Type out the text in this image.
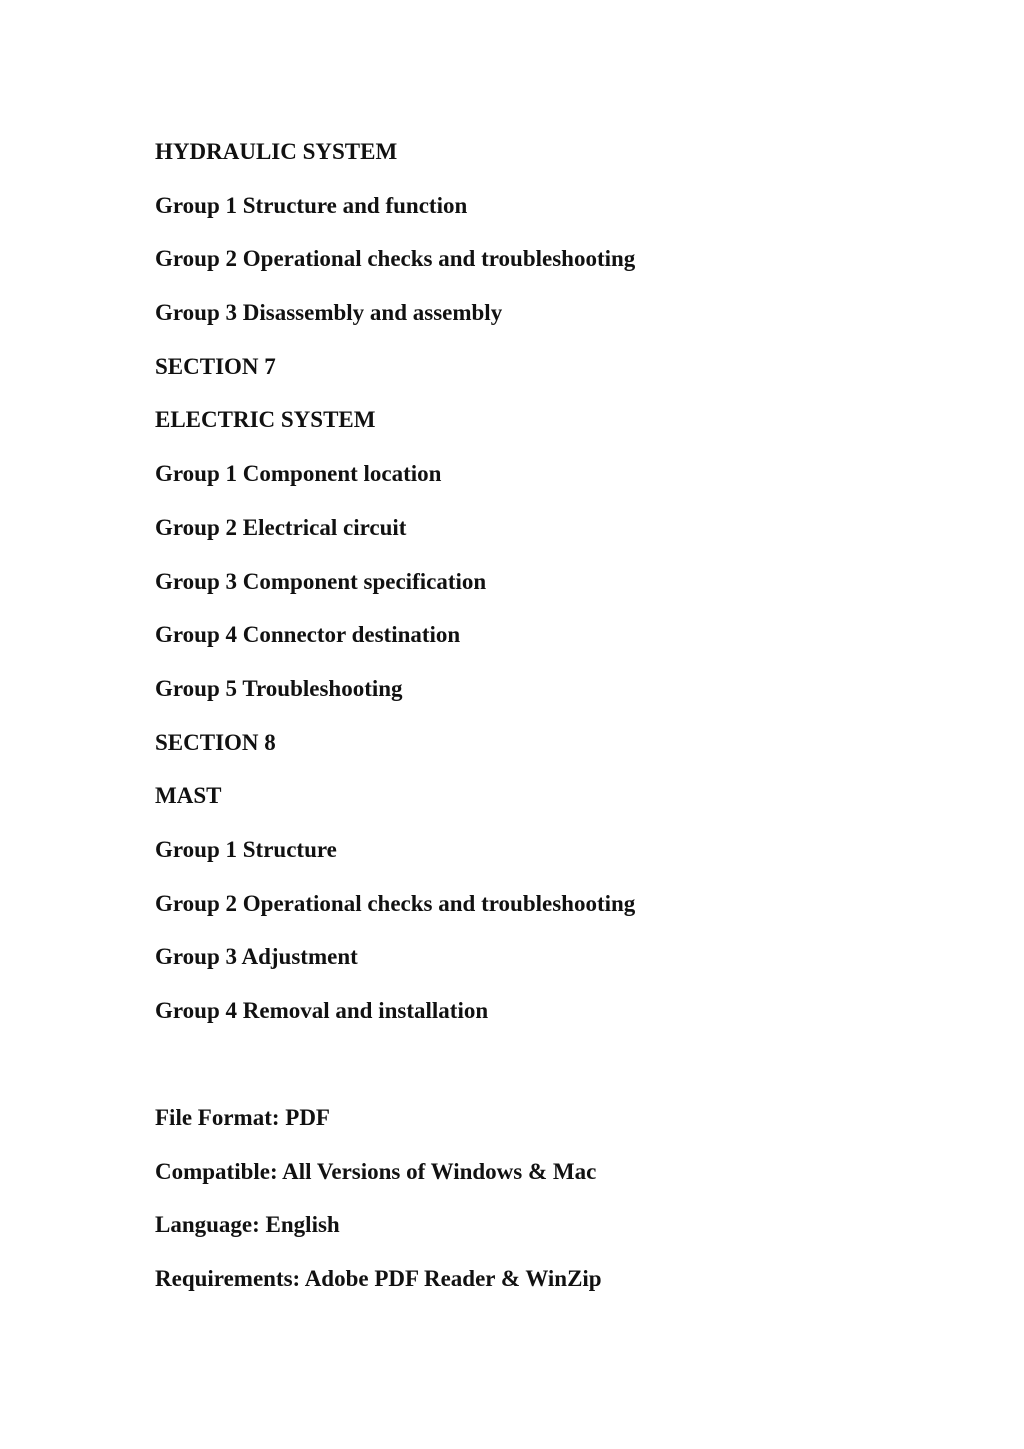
HYDRAULIC SYSTEM
Group 1 Structure and function
Group 2 Operational checks and troubleshooting
Group 3 Disassembly and assembly
SECTION 7
ELECTRIC SYSTEM
Group 1 Component location
Group 2 Electrical circuit
Group 3 Component specification
Group 4 Connector destination
Group 5 Troubleshooting
SECTION 8
MAST
Group 1 Structure
Group 2 Operational checks and troubleshooting
Group 3 Adjustment
Group 4 Removal and installation
File Format: PDF
Compatible: All Versions of Windows & Mac
Language: English
Requirements: Adobe PDF Reader & WinZip
